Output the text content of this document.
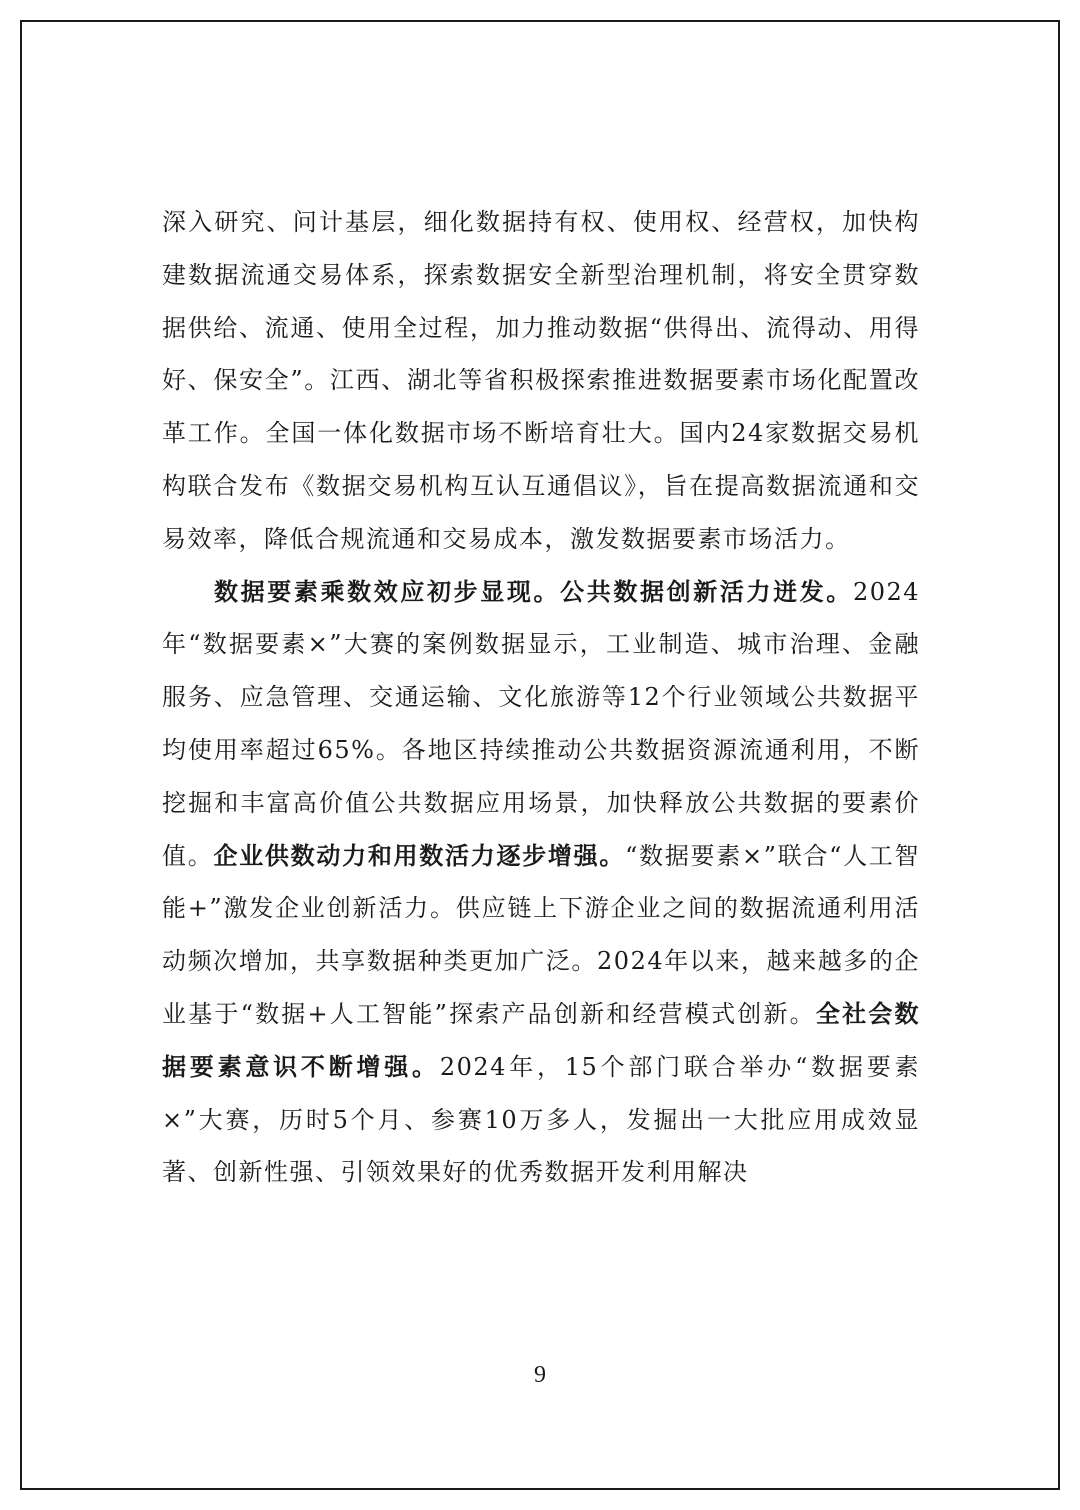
深入研究、问计基层，细化数据持有权、使用权、经营权，加快构建数据流通交易体系，探索数据安全新型治理机制，将安全贯穿数据供给、流通、使用全过程，加力推动数据“供得出、流得动、用得好、保安全”。江西、湖北等省积极探索推进数据要素市场化配置改革工作。全国一体化数据市场不断培育壮大。国内24家数据交易机构联合发布《数据交易机构互认互通倡议》，旨在提高数据流通和交易效率，降低合规流通和交易成本，激发数据要素市场活力。

数据要素乘数效应初步显现。公共数据创新活力迸发。2024年“数据要素×”大赛的案例数据显示，工业制造、城市治理、金融服务、应急管理、交通运输、文化旅游等12个行业领域公共数据平均使用率超过65%。各地区持续推动公共数据资源流通利用，不断挖掘和丰富高价值公共数据应用场景，加快释放公共数据的要素价值。企业供数动力和用数活力逐步增强。“数据要素×”联合“人工智能+”激发企业创新活力。供应链上下游企业之间的数据流通利用活动频次增加，共享数据种类更加广泛。2024年以来，越来越多的企业基于“数据+人工智能”探索产品创新和经营模式创新。全社会数据要素意识不断增强。2024年，15个部门联合举办“数据要素×”大赛，历时5个月、参赛10万多人，发掘出一大批应用成效显著、创新性强、引领效果好的优秀数据开发利用解决

9
